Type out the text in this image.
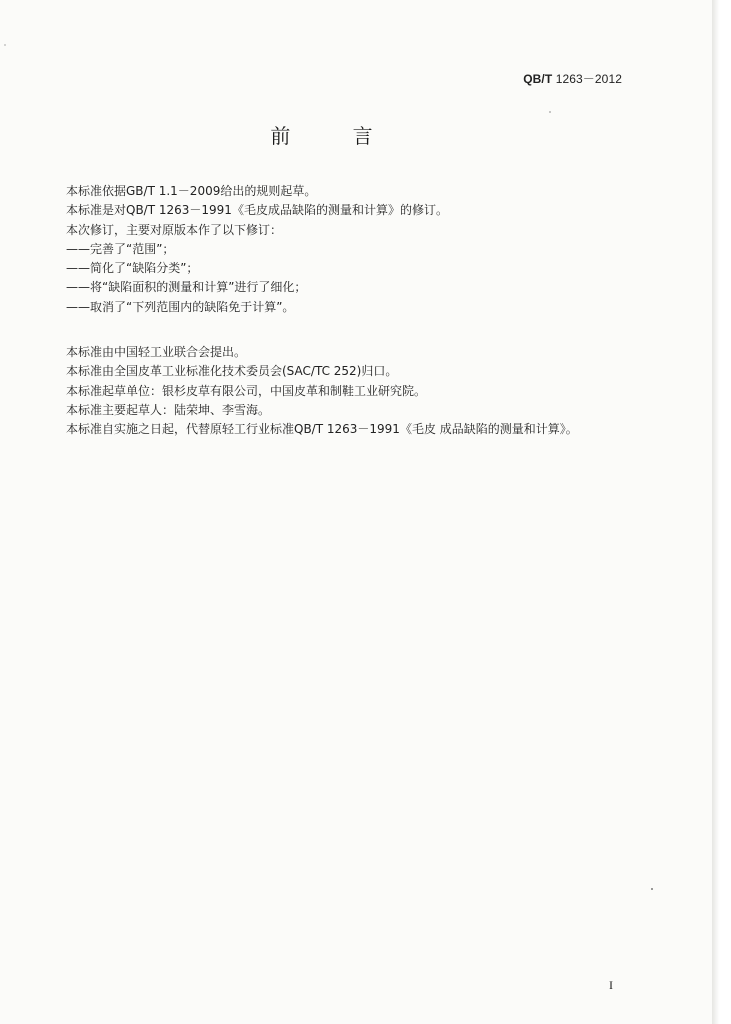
QB/T 1263－2012
前 言
本标准依据GB/T 1.1－2009给出的规则起草。
本标准是对QB/T 1263－1991《毛皮成品缺陷的测量和计算》的修订。
本次修订，主要对原版本作了以下修订：
——完善了“范围”；
——简化了“缺陷分类”；
——将“缺陷面积的测量和计算”进行了细化；
——取消了“下列范围内的缺陷免于计算”。
本标准由中国轻工业联合会提出。
本标准由全国皮革工业标准化技术委员会(SAC/TC 252)归口。
本标准起草单位：银杉皮草有限公司，中国皮革和制鞋工业研究院。
本标准主要起草人：陆荣坤、李雪海。
本标准自实施之日起，代替原轻工行业标准QB/T 1263－1991《毛皮 成品缺陷的测量和计算》。
I
